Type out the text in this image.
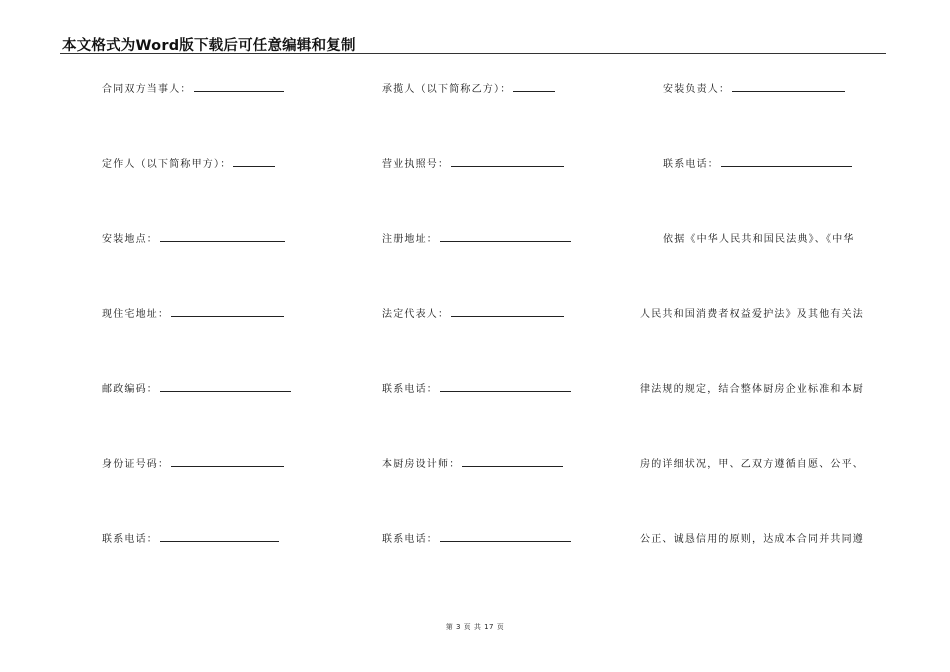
本文格式为Word版下载后可任意编辑和复制
合同双方当事人：
定作人（以下简称甲方）：
安装地点：
现住宅地址：
邮政编码：
身份证号码：
联系电话：
承揽人（以下简称乙方）：
营业执照号：
注册地址：
法定代表人：
联系电话：
本厨房设计师：
联系电话：
安装负责人：
联系电话：
依据《中华人民共和国民法典》、《中华
人民共和国消费者权益爱护法》及其他有关法
律法规的规定，结合整体厨房企业标准和本厨
房的详细状况，甲、乙双方遵循自愿、公平、
公正、诚恳信用的原则，达成本合同并共同遵
第 3 页 共 17 页
